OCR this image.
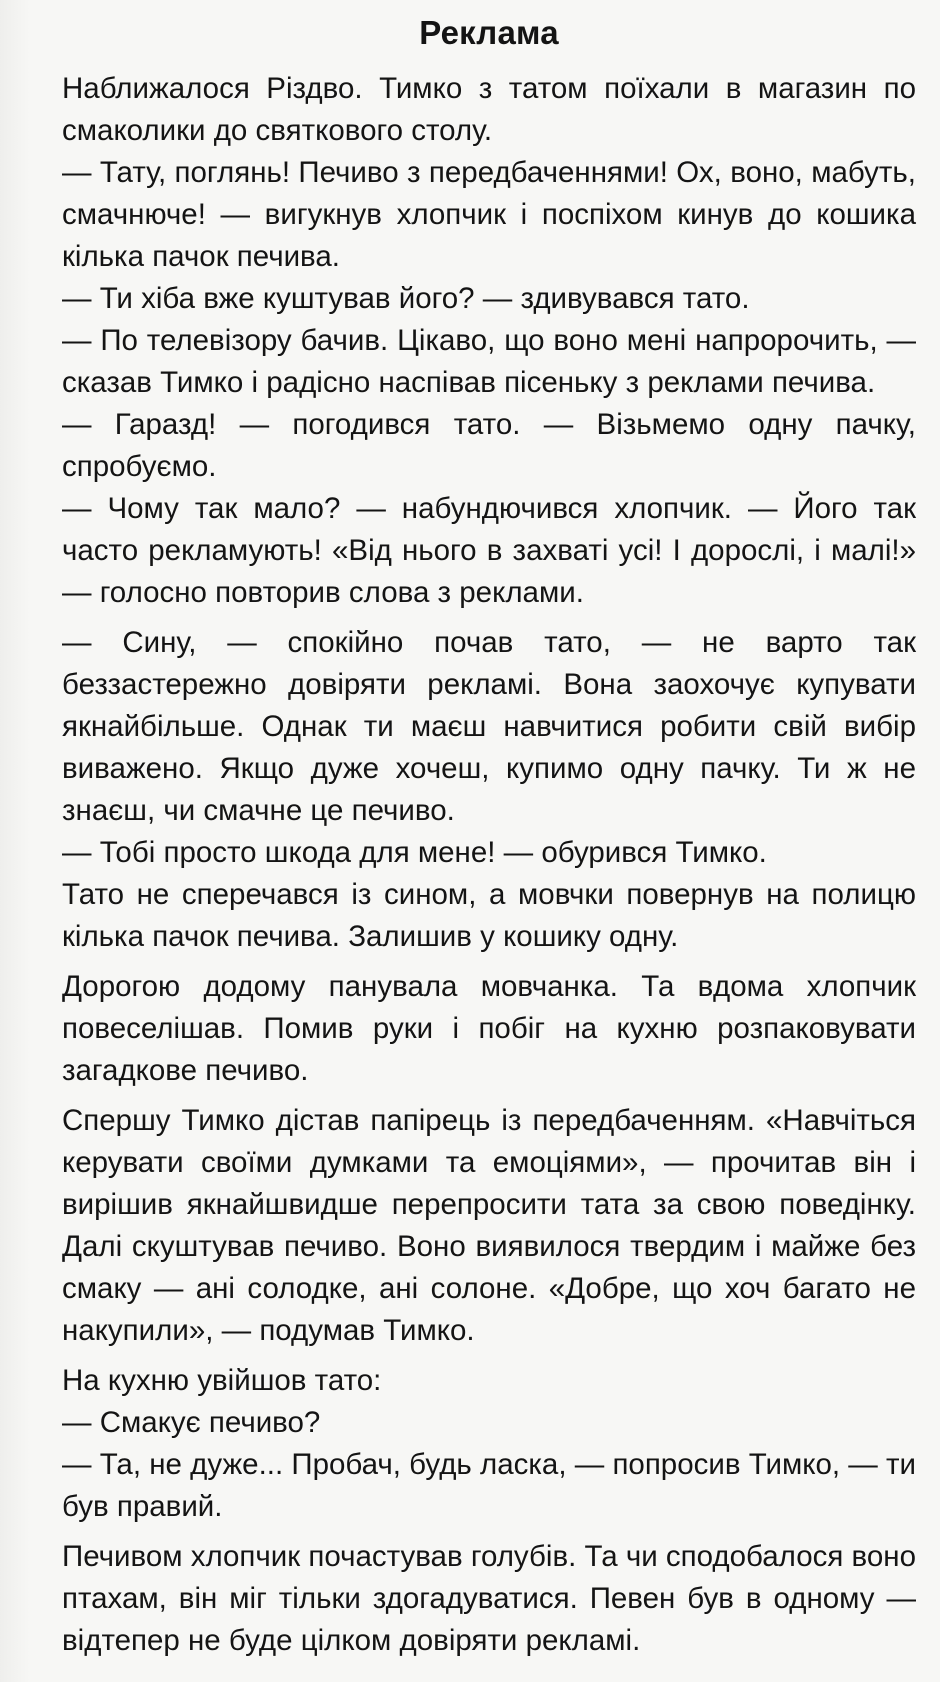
Реклама

Наближалося Різдво. Тимко з татом поїхали в магазин по смаколики до святкового столу.

— Тату, поглянь! Печиво з передбаченнями! Ох, воно, мабуть, смачнюче! — вигукнув хлопчик і поспіхом кинув до кошика кілька пачок печива.

— Ти хіба вже куштував його? — здивувався тато.

— По телевізору бачив. Цікаво, що воно мені напророчить, — сказав Тимко і радісно наспівав пісеньку з реклами печива.

— Гаразд! — погодився тато. — Візьмемо одну пачку, спробуємо.

— Чому так мало? — набундючився хлопчик. — Його так часто рекламують! «Від нього в захваті усі! І дорослі, і малі!» — голосно повторив слова з реклами.

— Сину, — спокійно почав тато, — не варто так беззастережно довіряти рекламі. Вона заохочує купувати якнайбільше. Однак ти маєш навчитися робити свій вибір виважено. Якщо дуже хочеш, купимо одну пачку. Ти ж не знаєш, чи смачне це печиво.

— Тобі просто шкода для мене! — обурився Тимко.

Тато не сперечався із сином, а мовчки повернув на полицю кілька пачок печива. Залишив у кошику одну.

Дорогою додому панувала мовчанка. Та вдома хлопчик повеселішав. Помив руки і побіг на кухню розпаковувати загадкове печиво.

Спершу Тимко дістав папірець із передбаченням. «Навчіться керувати своїми думками та емоціями», — прочитав він і вирішив якнайшвидше перепросити тата за свою поведінку. Далі скуштував печиво. Воно виявилося твердим і майже без смаку — ані солодке, ані солоне. «Добре, що хоч багато не накупили», — подумав Тимко.

На кухню увійшов тато:

— Смакує печиво?

— Та, не дуже... Пробач, будь ласка, — попросив Тимко, — ти був правий.

Печивом хлопчик почастував голубів. Та чи сподобалося воно птахам, він міг тільки здогадуватися. Певен був в одному — відтепер не буде цілком довіряти рекламі.
